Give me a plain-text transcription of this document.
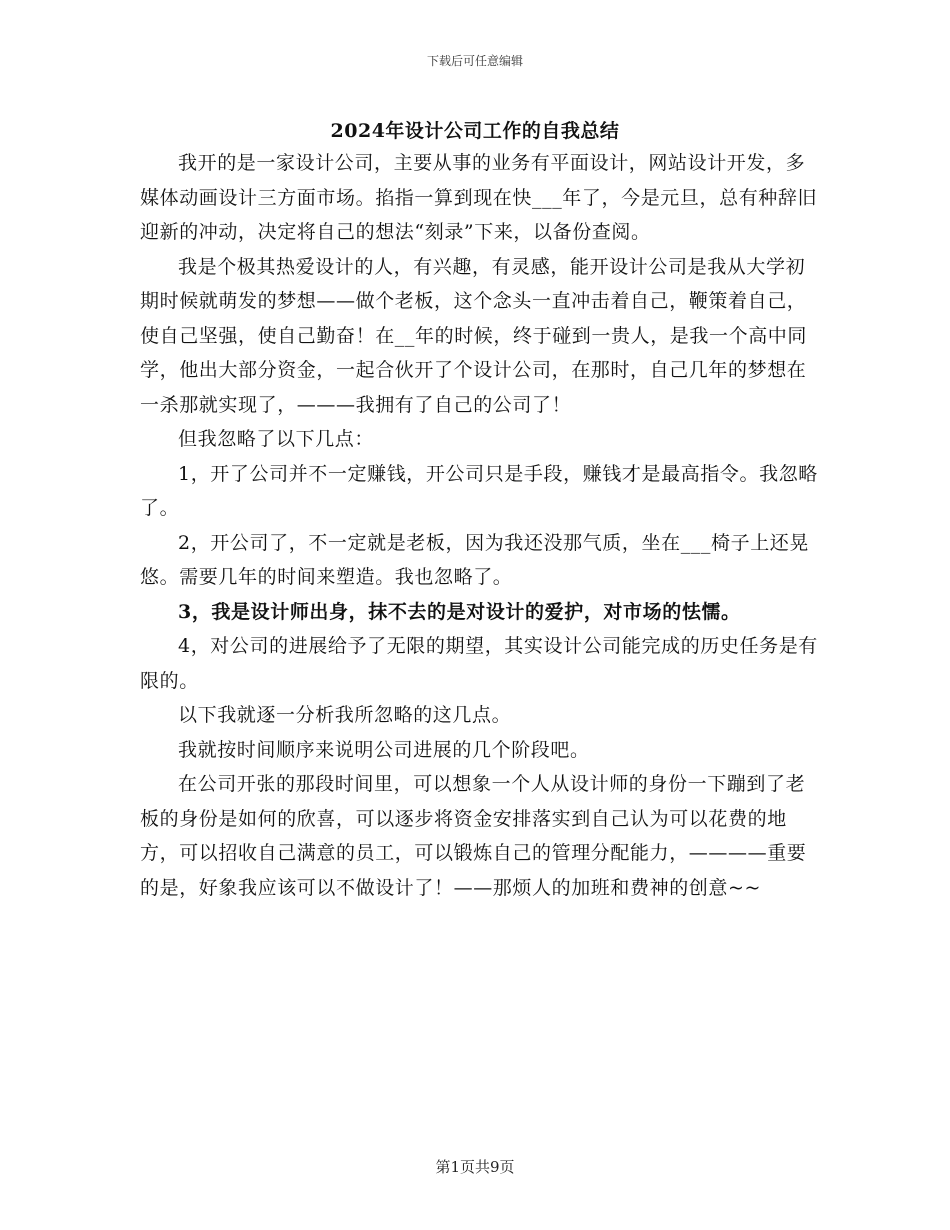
下载后可任意编辑
2024年设计公司工作的自我总结

我开的是一家设计公司，主要从事的业务有平面设计，网站设计开发，多媒体动画设计三方面市场。掐指一算到现在快___年了，今是元旦，总有种辞旧迎新的冲动，决定将自己的想法“刻录”下来，以备份查阅。

我是个极其热爱设计的人，有兴趣，有灵感，能开设计公司是我从大学初期时候就萌发的梦想——做个老板，这个念头一直冲击着自己，鞭策着自己，使自己坚强，使自己勤奋！在__年的时候，终于碰到一贵人，是我一个高中同学，他出大部分资金，一起合伙开了个设计公司，在那时，自己几年的梦想在一杀那就实现了，———我拥有了自己的公司了！

但我忽略了以下几点：

1，开了公司并不一定赚钱，开公司只是手段，赚钱才是最高指令。我忽略了。

2，开公司了，不一定就是老板，因为我还没那气质，坐在___椅子上还晃悠。需要几年的时间来塑造。我也忽略了。

3，我是设计师出身，抹不去的是对设计的爱护，对市场的怯懦。

4，对公司的进展给予了无限的期望，其实设计公司能完成的历史任务是有限的。

以下我就逐一分析我所忽略的这几点。

我就按时间顺序来说明公司进展的几个阶段吧。

在公司开张的那段时间里，可以想象一个人从设计师的身份一下蹦到了老板的身份是如何的欣喜，可以逐步将资金安排落实到自己认为可以花费的地方，可以招收自己满意的员工，可以锻炼自己的管理分配能力，————重要的是，好象我应该可以不做设计了！——那烦人的加班和费神的创意~~

第1页共9页
